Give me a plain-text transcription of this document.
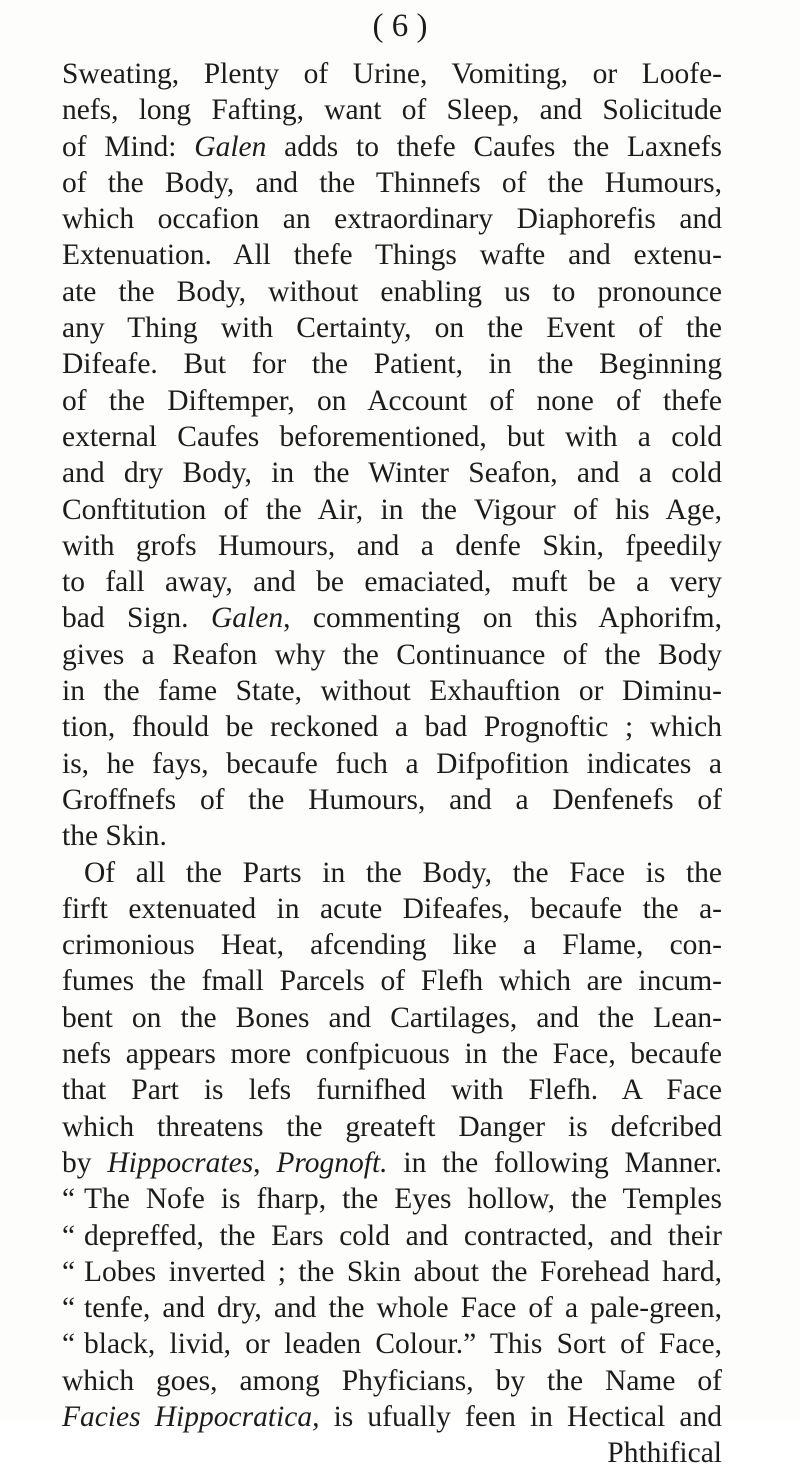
( 6 )
Sweating, Plenty of Urine, Vomiting, or Loofe-
nefs, long Fafting, want of Sleep, and Solicitude
of Mind: Galen adds to thefe Caufes the Laxnefs
of the Body, and the Thinnefs of the Humours,
which occafion an extraordinary Diaphorefis and
Extenuation. All thefe Things wafte and extenu-
ate the Body, without enabling us to pronounce
any Thing with Certainty, on the Event of the
Difeafe. But for the Patient, in the Beginning
of the Diftemper, on Account of none of thefe
external Caufes beforementioned, but with a cold
and dry Body, in the Winter Seafon, and a cold
Conftitution of the Air, in the Vigour of his Age,
with grofs Humours, and a denfe Skin, fpeedily
to fall away, and be emaciated, muft be a very
bad Sign. Galen, commenting on this Aphorifm,
gives a Reafon why the Continuance of the Body
in the fame State, without Exhauftion or Diminu-
tion, fhould be reckoned a bad Prognoftic ; which
is, he fays, becaufe fuch a Difpofition indicates a
Groffnefs of the Humours, and a Denfenefs of
the Skin.
Of all the Parts in the Body, the Face is the
firft extenuated in acute Difeafes, becaufe the a-
crimonious Heat, afcending like a Flame, con-
fumes the fmall Parcels of Flefh which are incum-
bent on the Bones and Cartilages, and the Lean-
nefs appears more confpicuous in the Face, becaufe
that Part is lefs furnifhed with Flefh. A Face
which threatens the greateft Danger is defcribed
by Hippocrates, Prognoft. in the following Manner.
“ The Nofe is fharp, the Eyes hollow, the Temples
“ depreffed, the Ears cold and contracted, and their
“ Lobes inverted ; the Skin about the Forehead hard,
“ tenfe, and dry, and the whole Face of a pale-green,
“ black, livid, or leaden Colour.” This Sort of Face,
which goes, among Phyficians, by the Name of
Facies Hippocratica, is ufually feen in Hectical and
Phthifical
